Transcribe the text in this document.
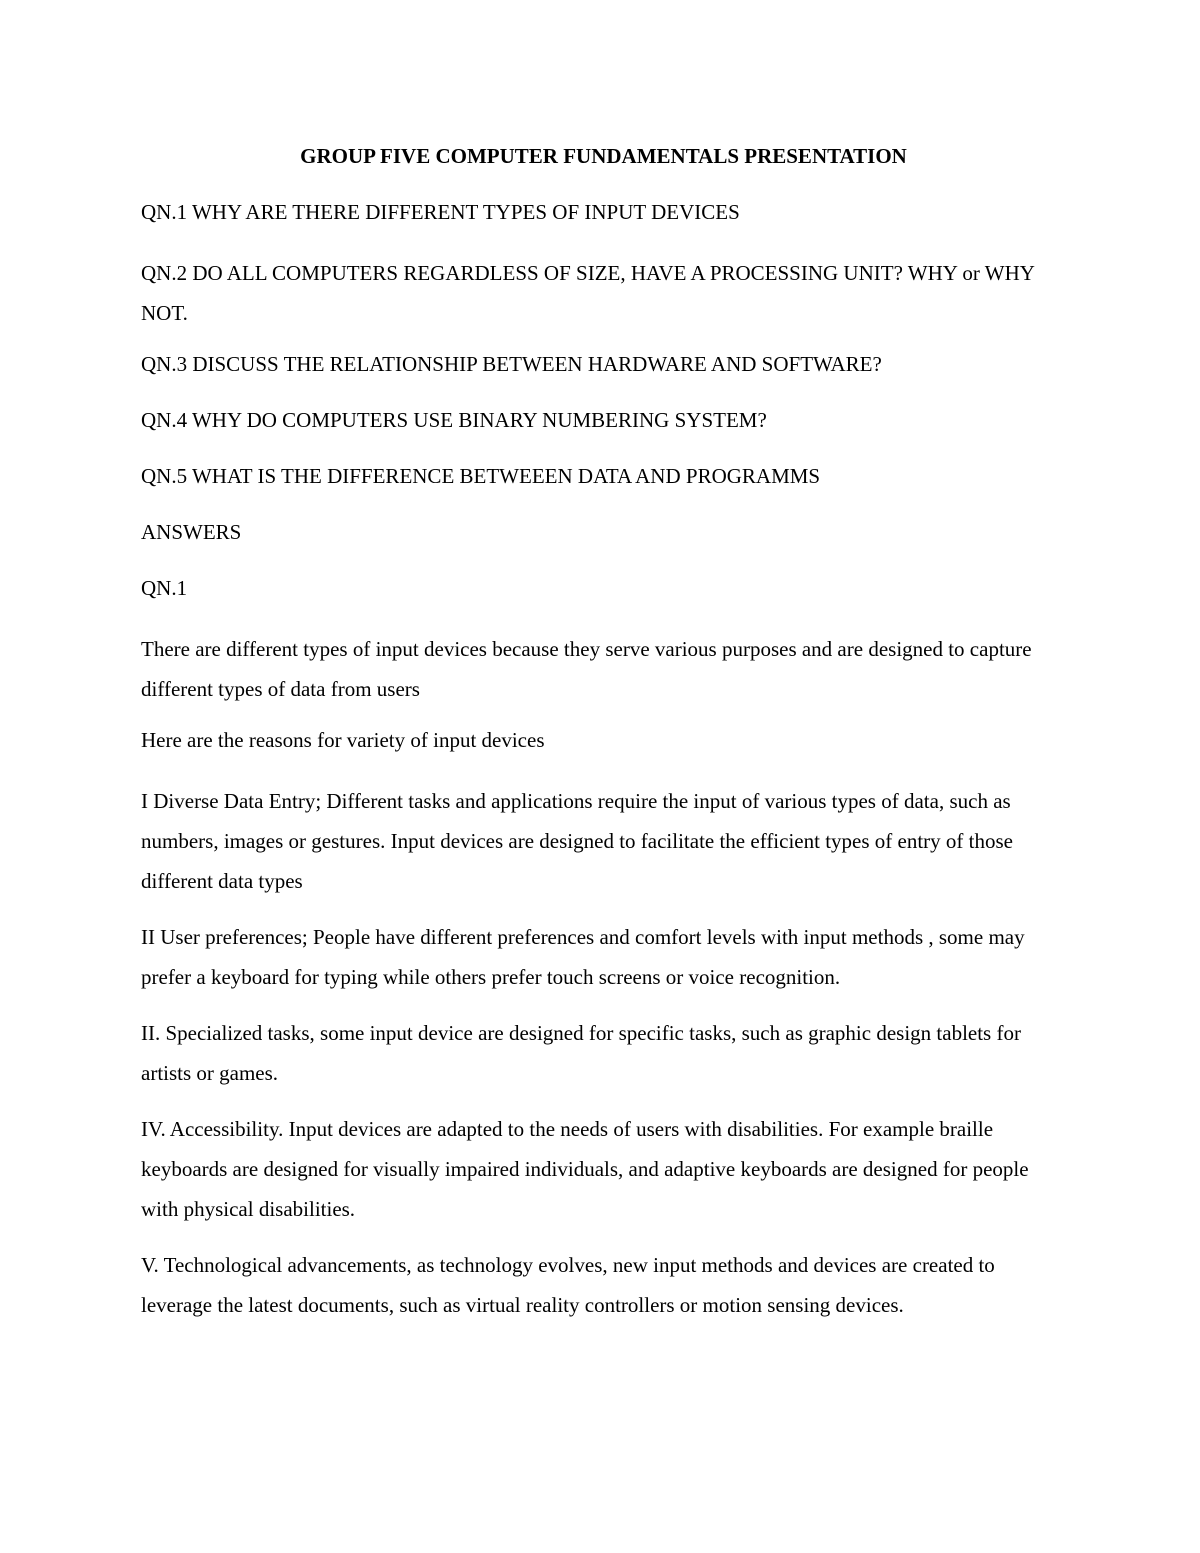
GROUP FIVE COMPUTER FUNDAMENTALS PRESENTATION

QN.1 WHY ARE THERE DIFFERENT TYPES OF INPUT DEVICES

QN.2 DO ALL COMPUTERS REGARDLESS OF SIZE, HAVE A PROCESSING UNIT? WHY or WHY NOT.

QN.3 DISCUSS THE RELATIONSHIP BETWEEN HARDWARE AND SOFTWARE?

QN.4 WHY DO COMPUTERS USE BINARY NUMBERING SYSTEM?

QN.5 WHAT IS THE DIFFERENCE BETWEEEN DATA AND PROGRAMMS

ANSWERS

QN.1

There are different types of input devices because they serve various purposes and are designed to capture different types of data from users

Here are the reasons for variety of input devices

I Diverse Data Entry; Different tasks and applications require the input of various types of data, such as numbers, images or gestures. Input devices are designed to facilitate the efficient types of entry of those different data types

II User preferences; People have different preferences and comfort levels with input methods , some may prefer a keyboard for typing while others prefer touch screens or voice recognition.

II. Specialized tasks, some input device are designed for specific tasks, such as graphic design tablets for artists or games.

IV. Accessibility. Input devices are adapted to the needs of users with disabilities. For example braille keyboards are designed for visually impaired individuals, and adaptive keyboards are designed for people with physical disabilities.

V. Technological advancements, as technology evolves, new input methods and devices are created to leverage the latest documents, such as virtual reality controllers or motion sensing devices.
